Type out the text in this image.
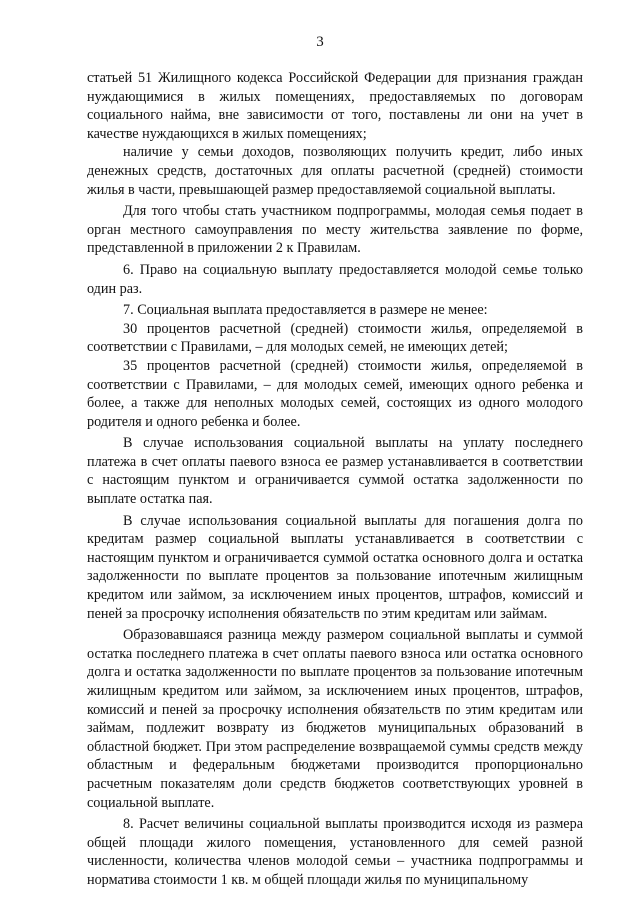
3

статьей 51 Жилищного кодекса Российской Федерации для признания граждан нуждающимися в жилых помещениях, предоставляемых по договорам социального найма, вне зависимости от того, поставлены ли они на учет в качестве нуждающихся в жилых помещениях;

наличие у семьи доходов, позволяющих получить кредит, либо иных денежных средств, достаточных для оплаты расчетной (средней) стоимости жилья в части, превышающей размер предоставляемой социальной выплаты.

Для того чтобы стать участником подпрограммы, молодая семья подает в орган местного самоуправления по месту жительства заявление по форме, представленной в приложении 2 к Правилам.

6. Право на социальную выплату предоставляется молодой семье только один раз.

7. Социальная выплата предоставляется в размере не менее:

30 процентов расчетной (средней) стоимости жилья, определяемой в соответствии с Правилами, – для молодых семей, не имеющих детей;

35 процентов расчетной (средней) стоимости жилья, определяемой в соответствии с Правилами, – для молодых семей, имеющих одного ребенка и более, а также для неполных молодых семей, состоящих из одного молодого родителя и одного ребенка и более.

В случае использования социальной выплаты на уплату последнего платежа в счет оплаты паевого взноса ее размер устанавливается в соответствии с настоящим пунктом и ограничивается суммой остатка задолженности по выплате остатка пая.

В случае использования социальной выплаты для погашения долга по кредитам размер социальной выплаты устанавливается в соответствии с настоящим пунктом и ограничивается суммой остатка основного долга и остатка задолженности по выплате процентов за пользование ипотечным жилищным кредитом или займом, за исключением иных процентов, штрафов, комиссий и пеней за просрочку исполнения обязательств по этим кредитам или займам.

Образовавшаяся разница между размером социальной выплаты и суммой остатка последнего платежа в счет оплаты паевого взноса или остатка основного долга и остатка задолженности по выплате процентов за пользование ипотечным жилищным кредитом или займом, за исключением иных процентов, штрафов, комиссий и пеней за просрочку исполнения обязательств по этим кредитам или займам, подлежит возврату из бюджетов муниципальных образований в областной бюджет. При этом распределение возвращаемой суммы средств между областным и федеральным бюджетами производится пропорционально расчетным показателям доли средств бюджетов соответствующих уровней в социальной выплате.

8. Расчет величины социальной выплаты производится исходя из размера общей площади жилого помещения, установленного для семей разной численности, количества членов молодой семьи – участника подпрограммы и норматива стоимости 1 кв. м общей площади жилья по муниципальному
